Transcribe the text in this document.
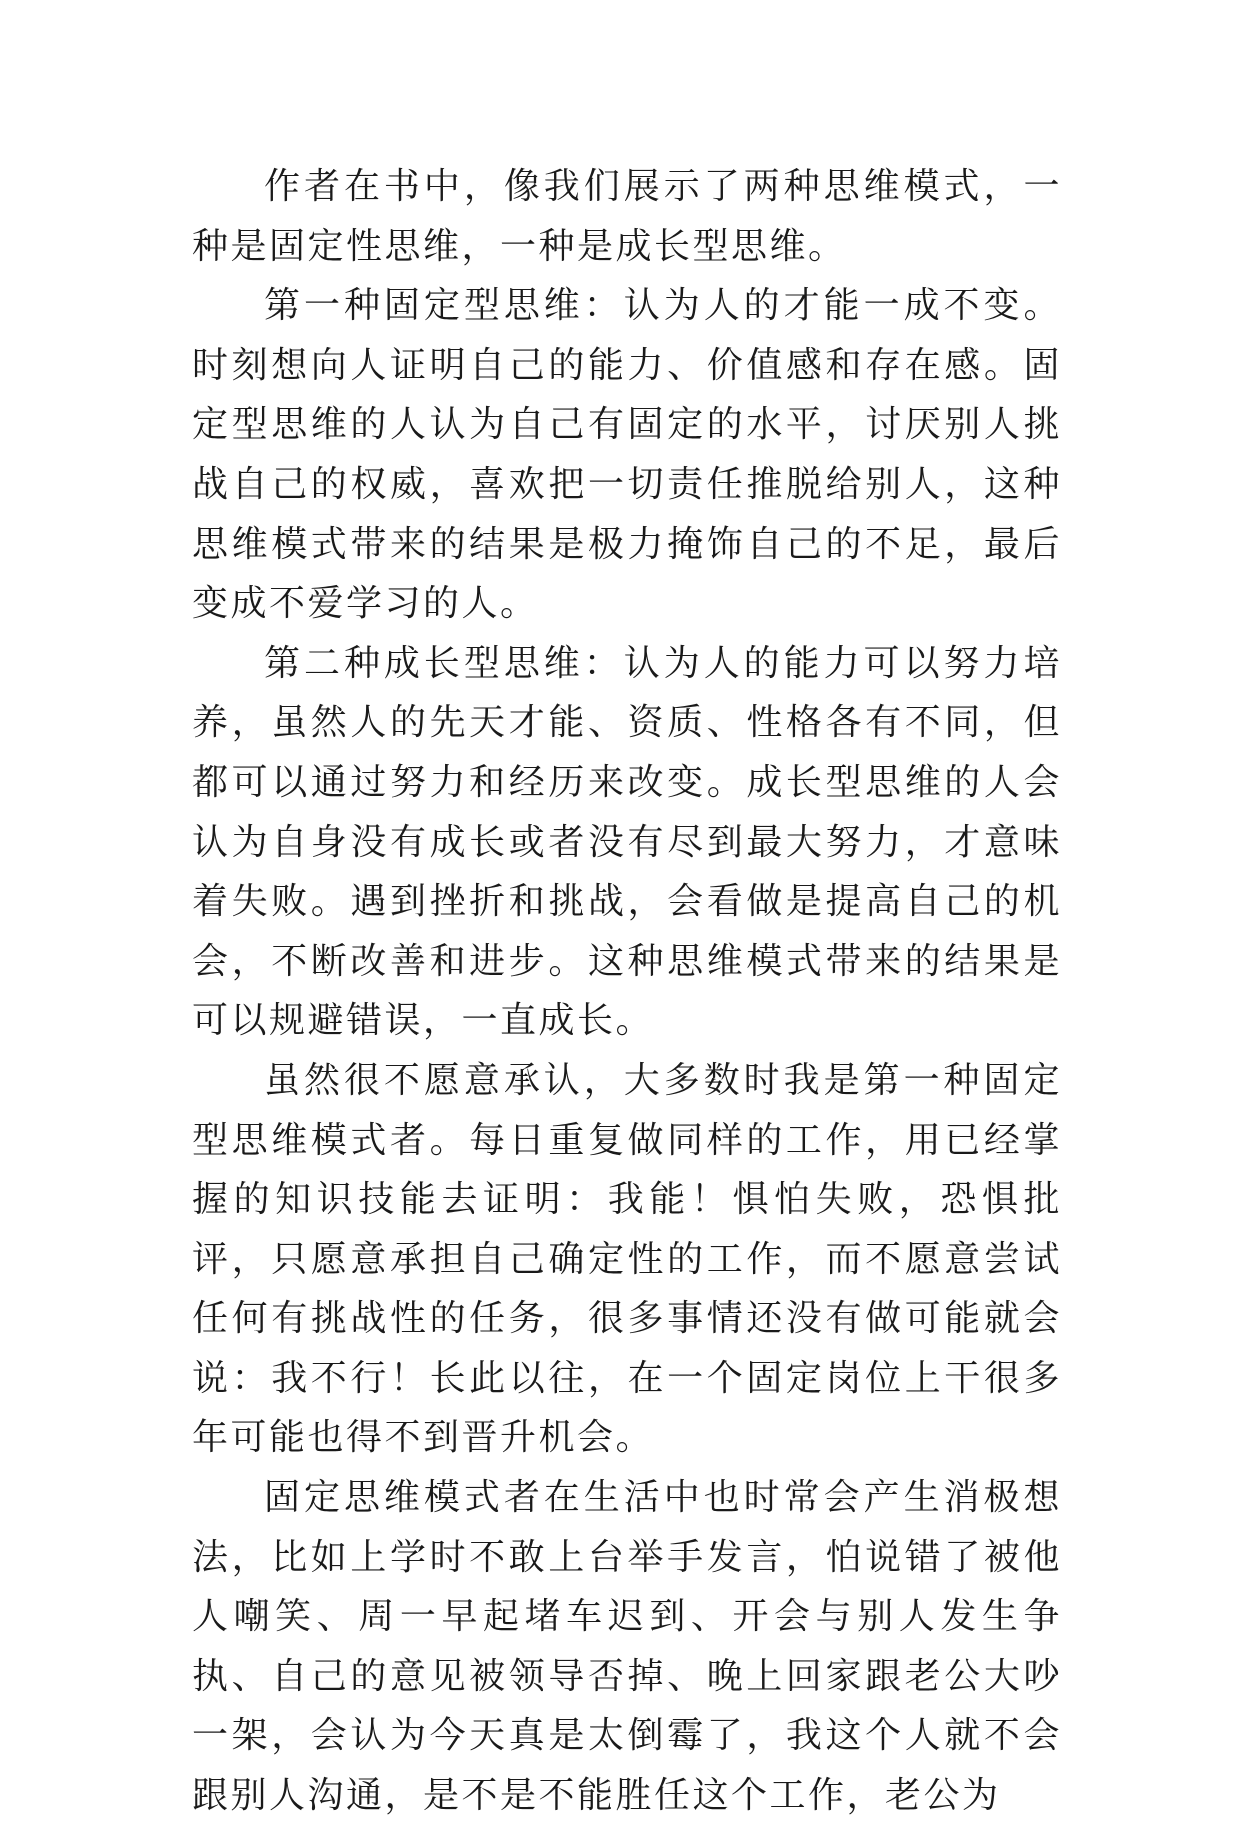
作者在书中，像我们展示了两种思维模式，一种是固定性思维，一种是成长型思维。

第一种固定型思维：认为人的才能一成不变。时刻想向人证明自己的能力、价值感和存在感。固定型思维的人认为自己有固定的水平，讨厌别人挑战自己的权威，喜欢把一切责任推脱给别人，这种思维模式带来的结果是极力掩饰自己的不足，最后变成不爱学习的人。

第二种成长型思维：认为人的能力可以努力培养，虽然人的先天才能、资质、性格各有不同，但都可以通过努力和经历来改变。成长型思维的人会认为自身没有成长或者没有尽到最大努力，才意味着失败。遇到挫折和挑战，会看做是提高自己的机会，不断改善和进步。这种思维模式带来的结果是可以规避错误，一直成长。

虽然很不愿意承认，大多数时我是第一种固定型思维模式者。每日重复做同样的工作，用已经掌握的知识技能去证明：我能！惧怕失败，恐惧批评，只愿意承担自己确定性的工作，而不愿意尝试任何有挑战性的任务，很多事情还没有做可能就会说：我不行！长此以往，在一个固定岗位上干很多年可能也得不到晋升机会。

固定思维模式者在生活中也时常会产生消极想法，比如上学时不敢上台举手发言，怕说错了被他人嘲笑、周一早起堵车迟到、开会与别人发生争执、自己的意见被领导否掉、晚上回家跟老公大吵一架，会认为今天真是太倒霉了，我这个人就不会跟别人沟通，是不是不能胜任这个工作，老公为
